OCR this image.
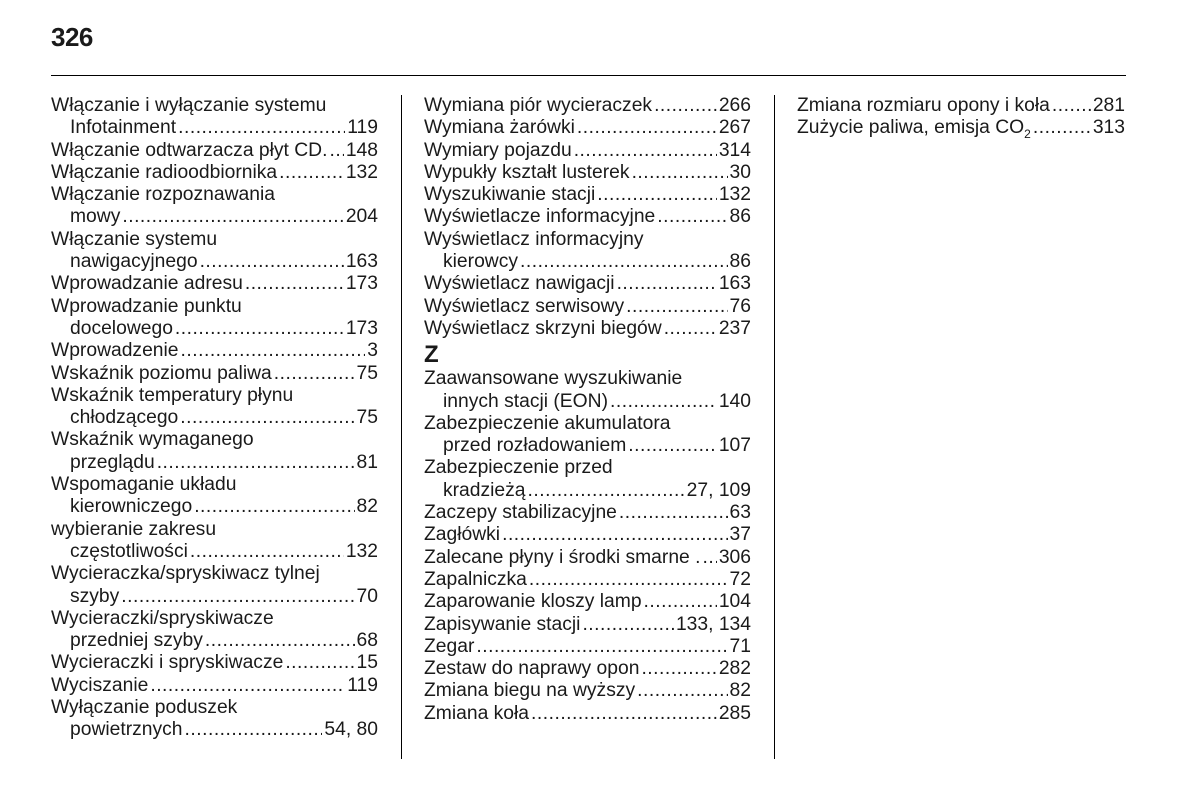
326
Włączanie i wyłączanie systemu
Infotainment .....	119
Włączanie odtwarzacza płyt CD. ..... 148
Włączanie radioodbiornika .....	132
Włączanie rozpoznawania
mowy .....	204
Włączanie systemu
nawigacyjnego .....	163
Wprowadzanie adresu .....	173
Wprowadzanie punktu
docelowego .....	173
Wprowadzenie .....	3
Wskaźnik poziomu paliwa .....	75
Wskaźnik temperatury płynu
chłodzącego .....	75
Wskaźnik wymaganego
przeglądu .....	81
Wspomaganie układu
kierowniczego .....	82
wybieranie zakresu
częstotliwości .....	132
Wycieraczka/spryskiwacz tylnej
szyby .....	70
Wycieraczki/spryskiwacze
przedniej szyby .....	68
Wycieraczki i spryskiwacze .....	15
Wyciszanie .....	119
Wyłączanie poduszek
powietrznych .....	54, 80
Wymiana piór wycieraczek .....	266
Wymiana żarówki .....	267
Wymiary pojazdu .....	314
Wypukły kształt lusterek .....	30
Wyszukiwanie stacji .....	132
Wyświetlacze informacyjne .....	86
Wyświetlacz informacyjny
kierowcy .....	86
Wyświetlacz nawigacji .....	163
Wyświetlacz serwisowy .....	76
Wyświetlacz skrzyni biegów .....	237
Z
Zaawansowane wyszukiwanie
innych stacji (EON) .....	140
Zabezpieczenie akumulatora
przed rozładowaniem .....	107
Zabezpieczenie przed
kradzieżą .....	27, 109
Zaczepy stabilizacyjne .....	63
Zagłówki .....	37
Zalecane płyny i środki smarne . ..... 306
Zapalniczka .....	72
Zaparowanie kloszy lamp .....	104
Zapisywanie stacji .....	133, 134
Zegar .....	71
Zestaw do naprawy opon .....	282
Zmiana biegu na wyższy .....	82
Zmiana koła .....	285
Zmiana rozmiaru opony i koła ..... 281
Zużycie paliwa, emisja $CO_2$ .....	313
